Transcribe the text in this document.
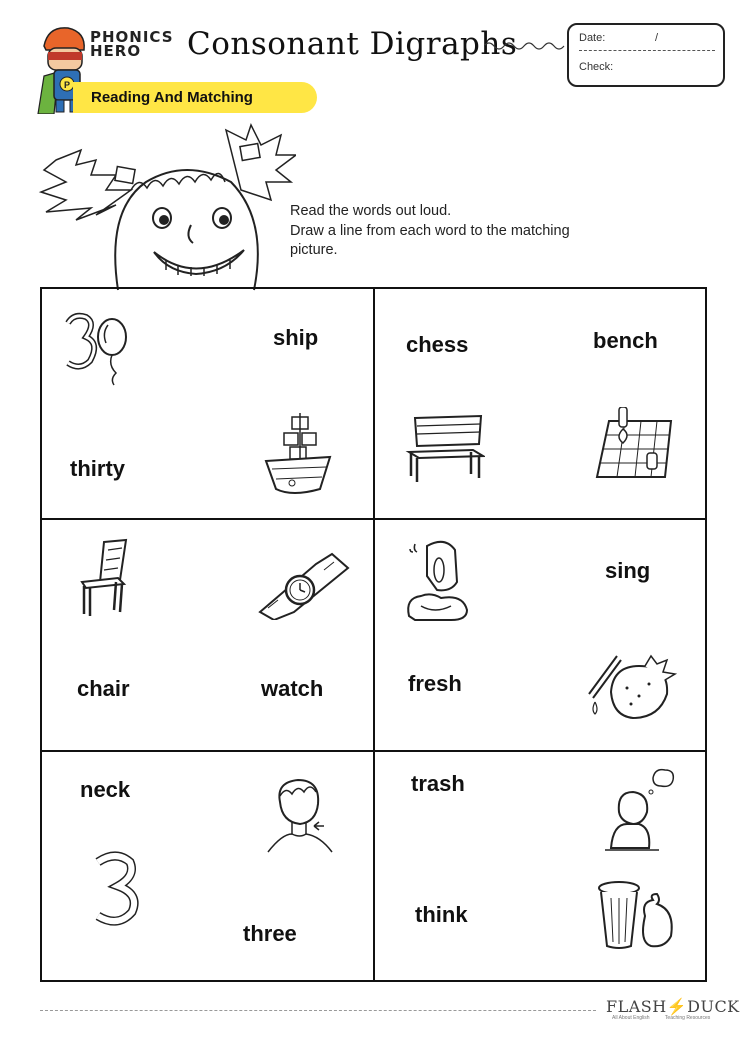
P
PHONICS
HERO	Consonant Digraphs	Date:	/
Check:
Reading And Matching
Read the words out loud.
Draw a line from each word to the matching
picture.
ship
thirty
chess	bench
chair	watch
sing
fresh
neck
three
trash
think
FLASH⚡DUCK
All About English	Teaching Resources
